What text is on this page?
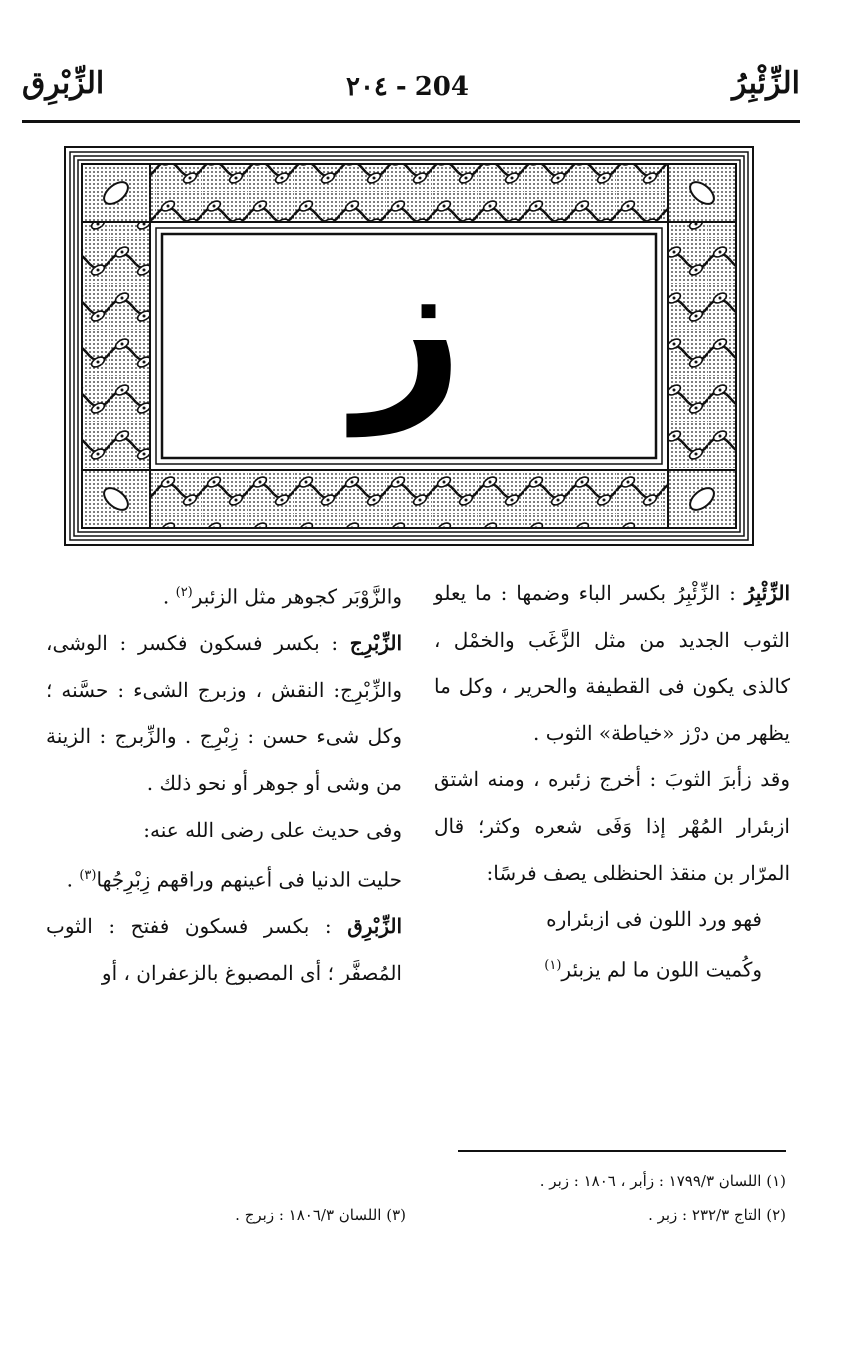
الزِّئْبِرُ
٢٠٤ - 204
الزِّبْرِق
ز

الزِّئْبِرُ : الزِّئْبِرُ بكسر الباء وضمها : ما يعلو الثوب الجديد من مثل الزَّغَب والخمْل ، كالذى يكون فى القطيفة والحرير ، وكل ما يظهر من درْز «خياطة» الثوب .

وقد زأبرَ الثوبَ : أخرج زئبره ، ومنه اشتق ازبئرار المُهْر إذا وَفَى شعره وكثر؛ قال المرّار بن منقذ الحنظلى يصف فرسًا:

فهو ورد اللون فى ازبئراره

وكُميت اللون ما لم يزبئر$^{(١)}$

والزَّوْبَر كجوهر مثل الزئبر$^{(٢)}$ .

الزِّبْرِج : بكسر فسكون فكسر : الوشى، والزِّبْرِج: النقش ، وزبرج الشىء : حسَّنه ؛ وكل شىء حسن : زِبْرِج . والزِّبرج : الزينة من وشى أو جوهر أو نحو ذلك .

وفى حديث على رضى الله عنه:

حليت الدنيا فى أعينهم وراقهم زِبْرِجُها$^{(٣)}$ .

الزِّبْرِق : بكسر فسكون ففتح : الثوب المُصفَّر ؛ أى المصبوغ بالزعفران ، أو

(١) اللسان ١٧٩٩/٣ : زأبر ، ١٨٠٦ : زبر .
(٢) التاج ٢٣٢/٣ : زبر .
(٣) اللسان ١٨٠٦/٣ : زبرج .
